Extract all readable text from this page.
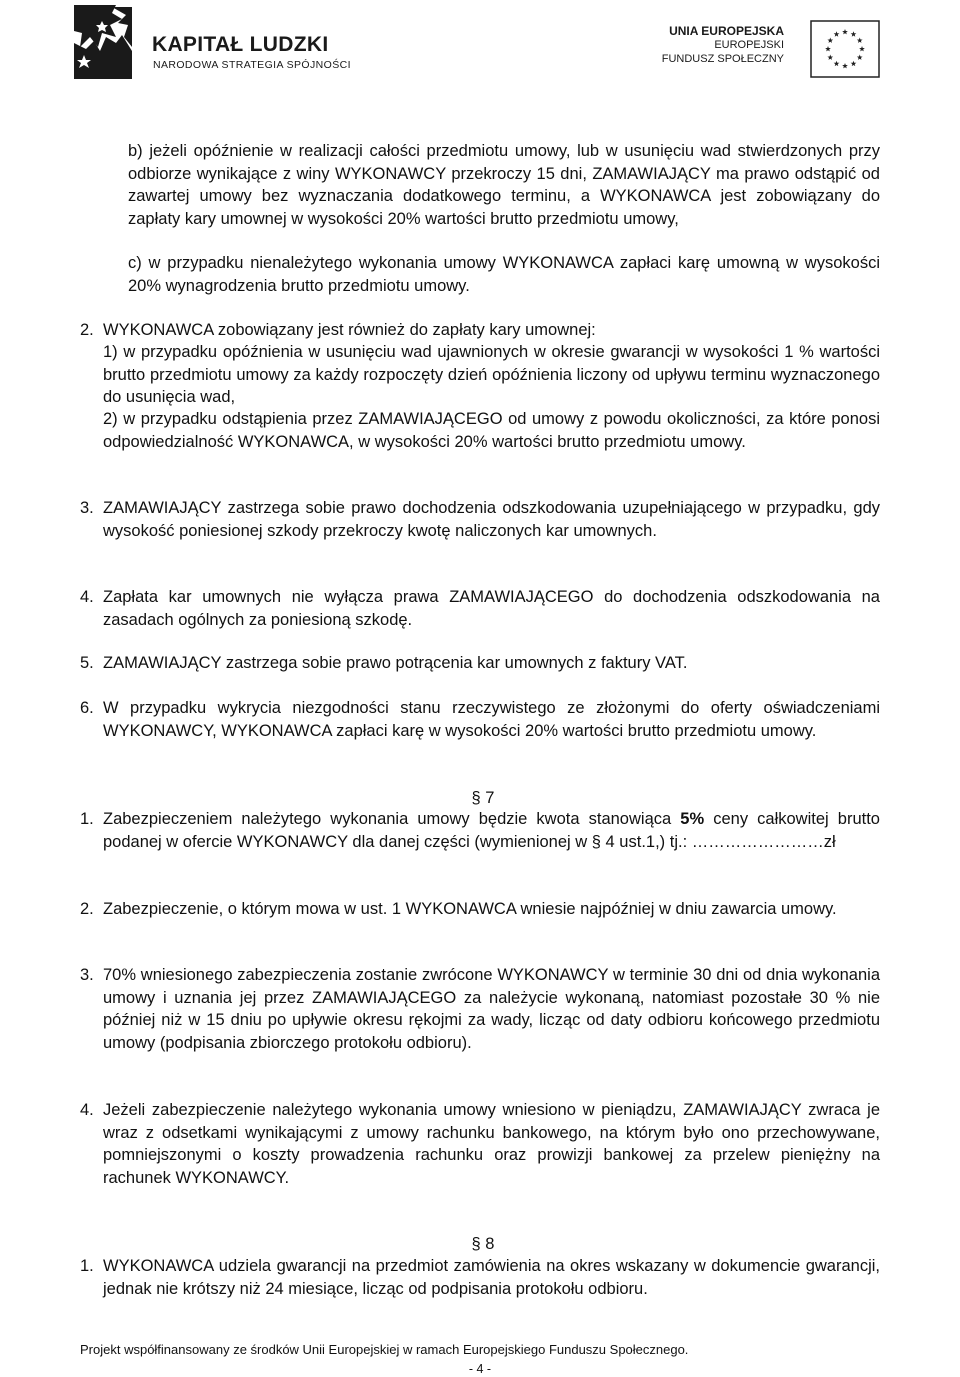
KAPITAŁ LUDZKI
NARODOWA STRATEGIA SPÓJNOŚCI
UNIA EUROPEJSKA
EUROPEJSKI
FUNDUSZ SPOŁECZNY
b) jeżeli opóźnienie w realizacji całości przedmiotu umowy, lub w usunięciu wad stwierdzonych przy odbiorze wynikające z winy WYKONAWCY przekroczy 15 dni, ZAMAWIAJĄCY ma prawo odstąpić od zawartej umowy bez wyznaczania dodatkowego terminu, a WYKONAWCA jest zobowiązany do zapłaty kary umownej w wysokości 20% wartości brutto przedmiotu umowy,
c) w przypadku nienależytego wykonania umowy WYKONAWCA zapłaci karę umowną w wysokości 20% wynagrodzenia brutto przedmiotu umowy.
2. WYKONAWCA zobowiązany jest również do zapłaty kary umownej:
1) w przypadku opóźnienia w usunięciu wad ujawnionych w okresie gwarancji w wysokości 1 % wartości brutto przedmiotu umowy za każdy rozpoczęty dzień opóźnienia liczony od upływu terminu wyznaczonego do usunięcia wad,
2) w przypadku odstąpienia przez ZAMAWIAJĄCEGO od umowy z powodu okoliczności, za które ponosi odpowiedzialność WYKONAWCA, w wysokości 20% wartości brutto przedmiotu umowy.
3. ZAMAWIAJĄCY zastrzega sobie prawo dochodzenia odszkodowania uzupełniającego w przypadku, gdy wysokość poniesionej szkody przekroczy kwotę naliczonych kar umownych.
4. Zapłata kar umownych nie wyłącza prawa ZAMAWIAJĄCEGO do dochodzenia odszkodowania na zasadach ogólnych za poniesioną szkodę.
5. ZAMAWIAJĄCY zastrzega sobie prawo potrącenia kar umownych z faktury VAT.
6. W przypadku wykrycia niezgodności stanu rzeczywistego ze złożonymi do oferty oświadczeniami WYKONAWCY, WYKONAWCA zapłaci karę w wysokości 20% wartości brutto przedmiotu umowy.
§ 7
1. Zabezpieczeniem należytego wykonania umowy będzie kwota stanowiąca 5% ceny całkowitej brutto podanej w ofercie WYKONAWCY dla danej części (wymienionej w § 4 ust.1,) tj.: ……………………zł
2. Zabezpieczenie, o którym mowa w ust. 1 WYKONAWCA wniesie najpóźniej w dniu zawarcia umowy.
3. 70% wniesionego zabezpieczenia zostanie zwrócone WYKONAWCY w terminie 30 dni od dnia wykonania umowy i uznania jej przez ZAMAWIAJĄCEGO za należycie wykonaną, natomiast pozostałe 30 % nie później niż w 15 dniu po upływie okresu rękojmi za wady, licząc od daty odbioru końcowego przedmiotu umowy (podpisania zbiorczego protokołu odbioru).
4. Jeżeli zabezpieczenie należytego wykonania umowy wniesiono w pieniądzu, ZAMAWIAJĄCY zwraca je wraz z odsetkami wynikającymi z umowy rachunku bankowego, na którym było ono przechowywane, pomniejszonymi o koszty prowadzenia rachunku oraz prowizji bankowej za przelew pieniężny na rachunek WYKONAWCY.
§ 8
1. WYKONAWCA udziela gwarancji na przedmiot zamówienia na okres wskazany w dokumencie gwarancji, jednak nie krótszy niż 24 miesiące, licząc od podpisania protokołu odbioru.
Projekt współfinansowany ze środków Unii Europejskiej w ramach Europejskiego Funduszu Społecznego.
- 4 -
